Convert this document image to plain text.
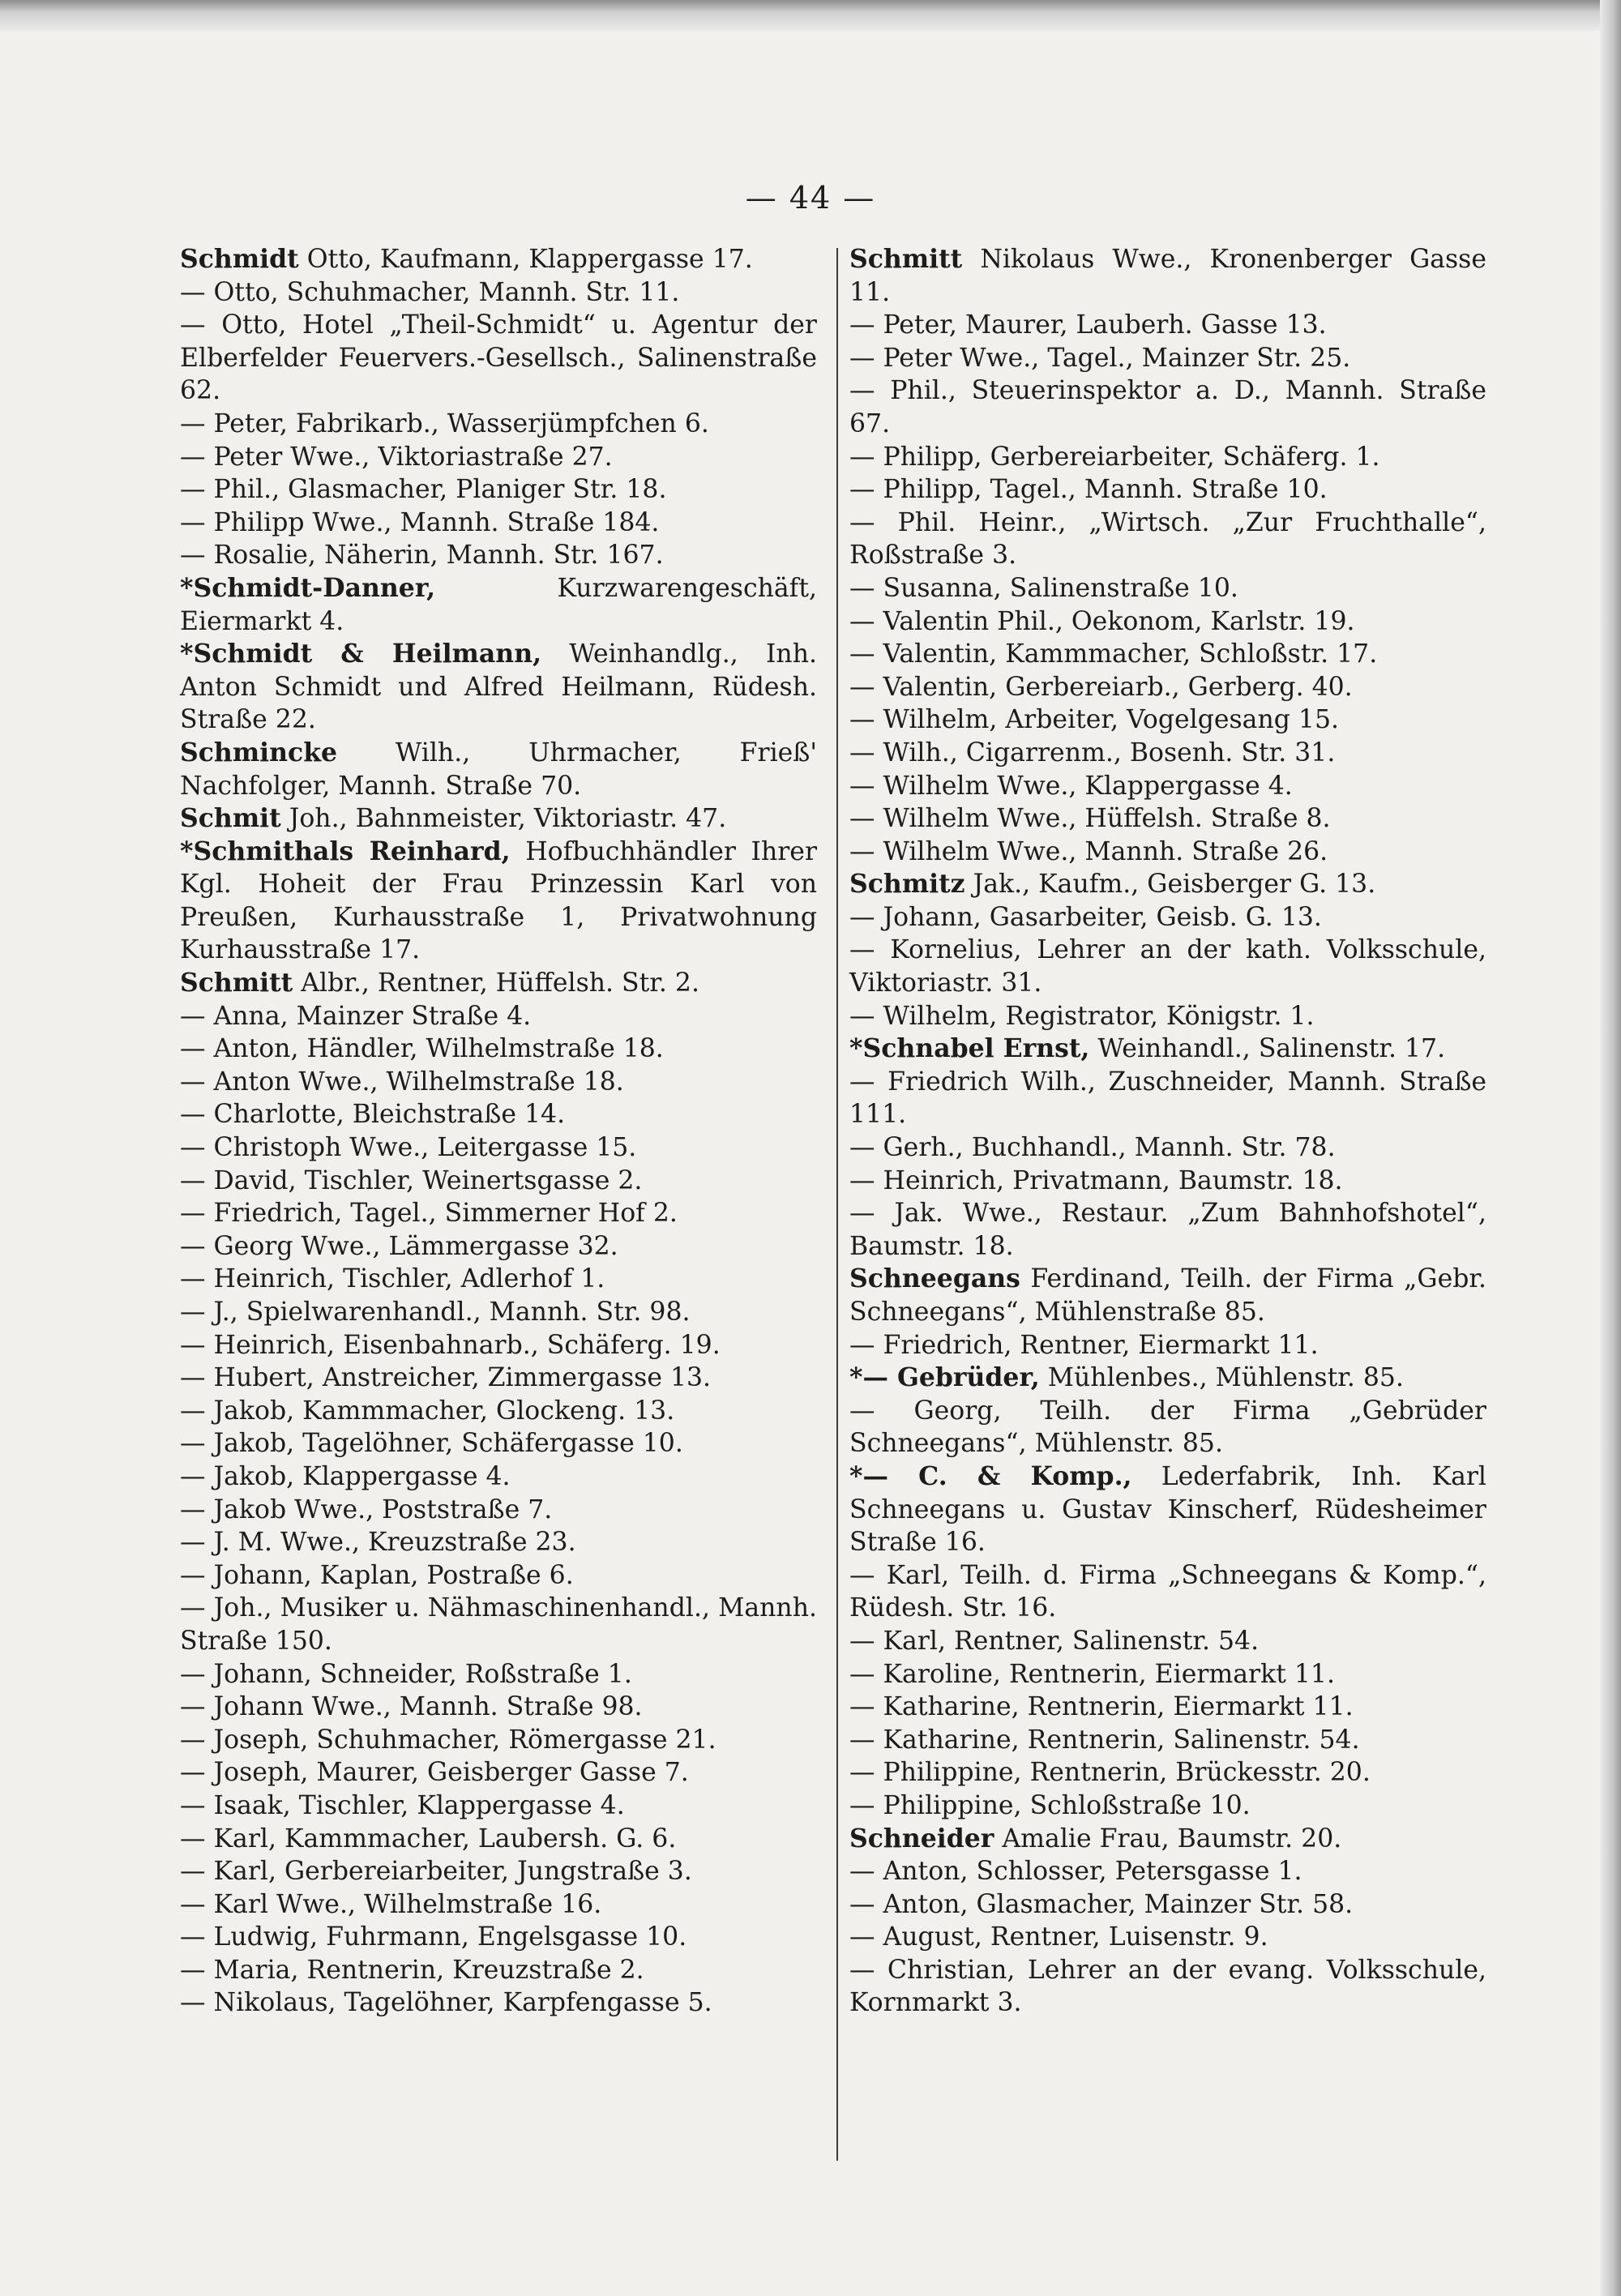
— 44 —
Schmidt Otto, Kaufmann, Klappergasse 17.
— Otto, Schuhmacher, Mannh. Str. 11.
— Otto, Hotel „Theil-Schmidt“ u. Agentur der Elberfelder Feuervers.-Gesellsch., Salinenstraße 62.
— Peter, Fabrikarb., Wasserjümpfchen 6.
— Peter Wwe., Viktoriastraße 27.
— Phil., Glasmacher, Planiger Str. 18.
— Philipp Wwe., Mannh. Straße 184.
— Rosalie, Näherin, Mannh. Str. 167.
*Schmidt-Danner, Kurzwarengeschäft, Eiermarkt 4.
*Schmidt & Heilmann, Weinhandlg., Inh. Anton Schmidt und Alfred Heilmann, Rüdesh. Straße 22.
Schmincke Wilh., Uhrmacher, Frieß' Nachfolger, Mannh. Straße 70.
Schmit Joh., Bahnmeister, Viktoriastr. 47.
*Schmithals Reinhard, Hofbuchhändler Ihrer Kgl. Hoheit der Frau Prinzessin Karl von Preußen, Kurhausstraße 1, Privatwohnung Kurhausstraße 17.
Schmitt Albr., Rentner, Hüffelsh. Str. 2.
— Anna, Mainzer Straße 4.
— Anton, Händler, Wilhelmstraße 18.
— Anton Wwe., Wilhelmstraße 18.
— Charlotte, Bleichstraße 14.
— Christoph Wwe., Leitergasse 15.
— David, Tischler, Weinertsgasse 2.
— Friedrich, Tagel., Simmerner Hof 2.
— Georg Wwe., Lämmergasse 32.
— Heinrich, Tischler, Adlerhof 1.
— J., Spielwarenhandl., Mannh. Str. 98.
— Heinrich, Eisenbahnarb., Schäferg. 19.
— Hubert, Anstreicher, Zimmergasse 13.
— Jakob, Kammmacher, Glockeng. 13.
— Jakob, Tagelöhner, Schäfergasse 10.
— Jakob, Klappergasse 4.
— Jakob Wwe., Poststraße 7.
— J. M. Wwe., Kreuzstraße 23.
— Johann, Kaplan, Postraße 6.
— Joh., Musiker u. Nähmaschinenhandl., Mannh. Straße 150.
— Johann, Schneider, Roßstraße 1.
— Johann Wwe., Mannh. Straße 98.
— Joseph, Schuhmacher, Römergasse 21.
— Joseph, Maurer, Geisberger Gasse 7.
— Isaak, Tischler, Klappergasse 4.
— Karl, Kammmacher, Laubersh. G. 6.
— Karl, Gerbereiarbeiter, Jungstraße 3.
— Karl Wwe., Wilhelmstraße 16.
— Ludwig, Fuhrmann, Engelsgasse 10.
— Maria, Rentnerin, Kreuzstraße 2.
— Nikolaus, Tagelöhner, Karpfengasse 5.
Schmitt Nikolaus Wwe., Kronenberger Gasse 11.
— Peter, Maurer, Lauberh. Gasse 13.
— Peter Wwe., Tagel., Mainzer Str. 25.
— Phil., Steuerinspektor a. D., Mannh. Straße 67.
— Philipp, Gerbereiarbeiter, Schäferg. 1.
— Philipp, Tagel., Mannh. Straße 10.
— Phil. Heinr., „Wirtsch. „Zur Fruchthalle“, Roßstraße 3.
— Susanna, Salinenstraße 10.
— Valentin Phil., Oekonom, Karlstr. 19.
— Valentin, Kammmacher, Schloßstr. 17.
— Valentin, Gerbereiarb., Gerberg. 40.
— Wilhelm, Arbeiter, Vogelgesang 15.
— Wilh., Cigarrenm., Bosenh. Str. 31.
— Wilhelm Wwe., Klappergasse 4.
— Wilhelm Wwe., Hüffelsh. Straße 8.
— Wilhelm Wwe., Mannh. Straße 26.
Schmitz Jak., Kaufm., Geisberger G. 13.
— Johann, Gasarbeiter, Geisb. G. 13.
— Kornelius, Lehrer an der kath. Volksschule, Viktoriastr. 31.
— Wilhelm, Registrator, Königstr. 1.
*Schnabel Ernst, Weinhandl., Salinenstr. 17.
— Friedrich Wilh., Zuschneider, Mannh. Straße 111.
— Gerh., Buchhandl., Mannh. Str. 78.
— Heinrich, Privatmann, Baumstr. 18.
— Jak. Wwe., Restaur. „Zum Bahnhofshotel“, Baumstr. 18.
Schneegans Ferdinand, Teilh. der Firma „Gebr. Schneegans“, Mühlenstraße 85.
— Friedrich, Rentner, Eiermarkt 11.
*— Gebrüder, Mühlenbes., Mühlenstr. 85.
— Georg, Teilh. der Firma „Gebrüder Schneegans“, Mühlenstr. 85.
*— C. & Komp., Lederfabrik, Inh. Karl Schneegans u. Gustav Kinscherf, Rüdesheimer Straße 16.
— Karl, Teilh. d. Firma „Schneegans & Komp.“, Rüdesh. Str. 16.
— Karl, Rentner, Salinenstr. 54.
— Karoline, Rentnerin, Eiermarkt 11.
— Katharine, Rentnerin, Eiermarkt 11.
— Katharine, Rentnerin, Salinenstr. 54.
— Philippine, Rentnerin, Brückesstr. 20.
— Philippine, Schloßstraße 10.
Schneider Amalie Frau, Baumstr. 20.
— Anton, Schlosser, Petersgasse 1.
— Anton, Glasmacher, Mainzer Str. 58.
— August, Rentner, Luisenstr. 9.
— Christian, Lehrer an der evang. Volksschule, Kornmarkt 3.
